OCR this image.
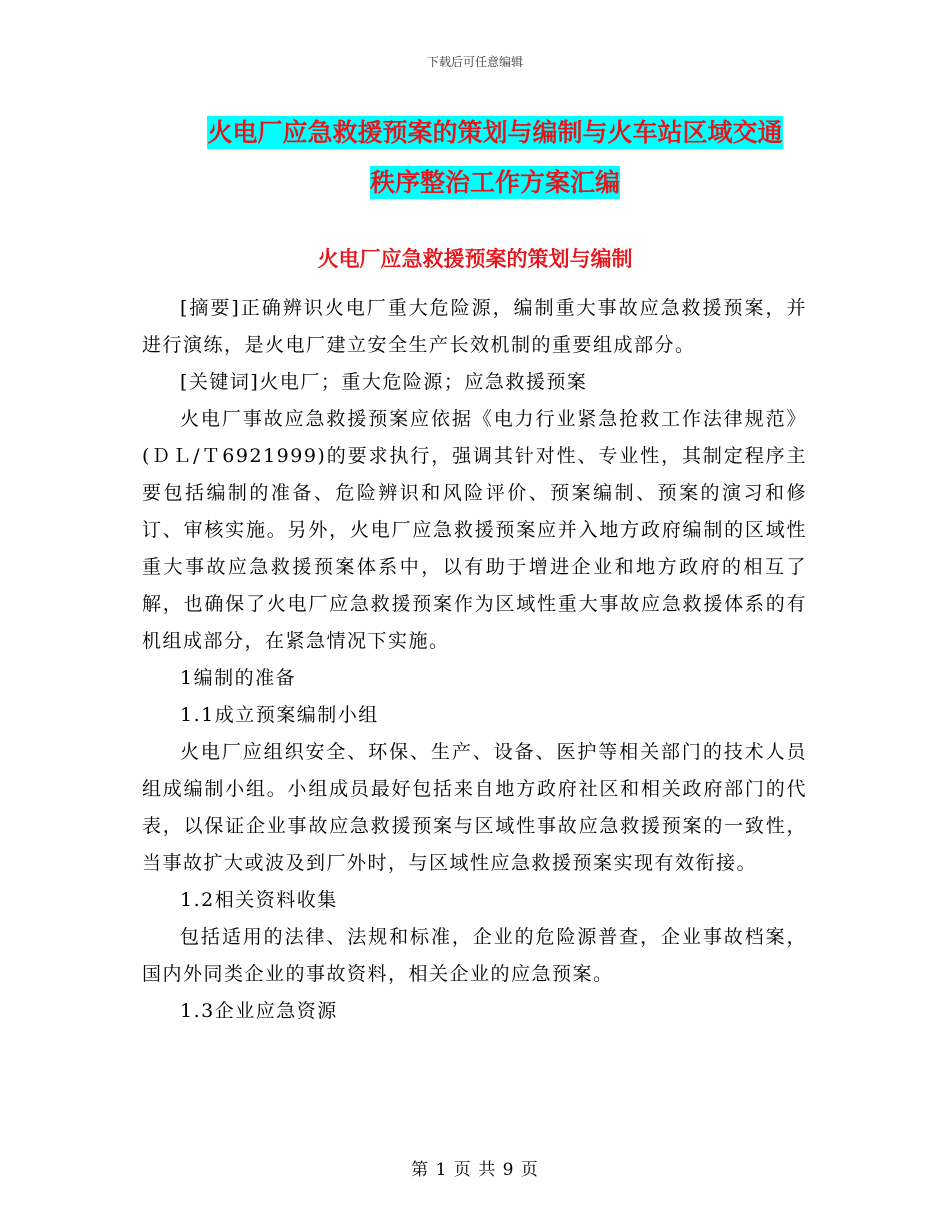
下载后可任意编辑
火电厂应急救援预案的策划与编制与火车站区域交通
秩序整治工作方案汇编
火电厂应急救援预案的策划与编制

[摘要]正确辨识火电厂重大危险源，编制重大事故应急救援预案，并进行演练，是火电厂建立安全生产长效机制的重要组成部分。

[关键词]火电厂；重大危险源；应急救援预案

火电厂事故应急救援预案应依据《电力行业紧急抢救工作法律规范》(ＤＬ/Ｔ6921999)的要求执行，强调其针对性、专业性，其制定程序主要包括编制的准备、危险辨识和风险评价、预案编制、预案的演习和修订、审核实施。另外，火电厂应急救援预案应并入地方政府编制的区域性重大事故应急救援预案体系中，以有助于增进企业和地方政府的相互了解，也确保了火电厂应急救援预案作为区域性重大事故应急救援体系的有机组成部分，在紧急情况下实施。

1编制的准备

1.1成立预案编制小组

火电厂应组织安全、环保、生产、设备、医护等相关部门的技术人员组成编制小组。小组成员最好包括来自地方政府社区和相关政府部门的代表，以保证企业事故应急救援预案与区域性事故应急救援预案的一致性，当事故扩大或波及到厂外时，与区域性应急救援预案实现有效衔接。

1.2相关资料收集

包括适用的法律、法规和标准，企业的危险源普查，企业事故档案，国内外同类企业的事故资料，相关企业的应急预案。

1.3企业应急资源

第 1 页 共 9 页
